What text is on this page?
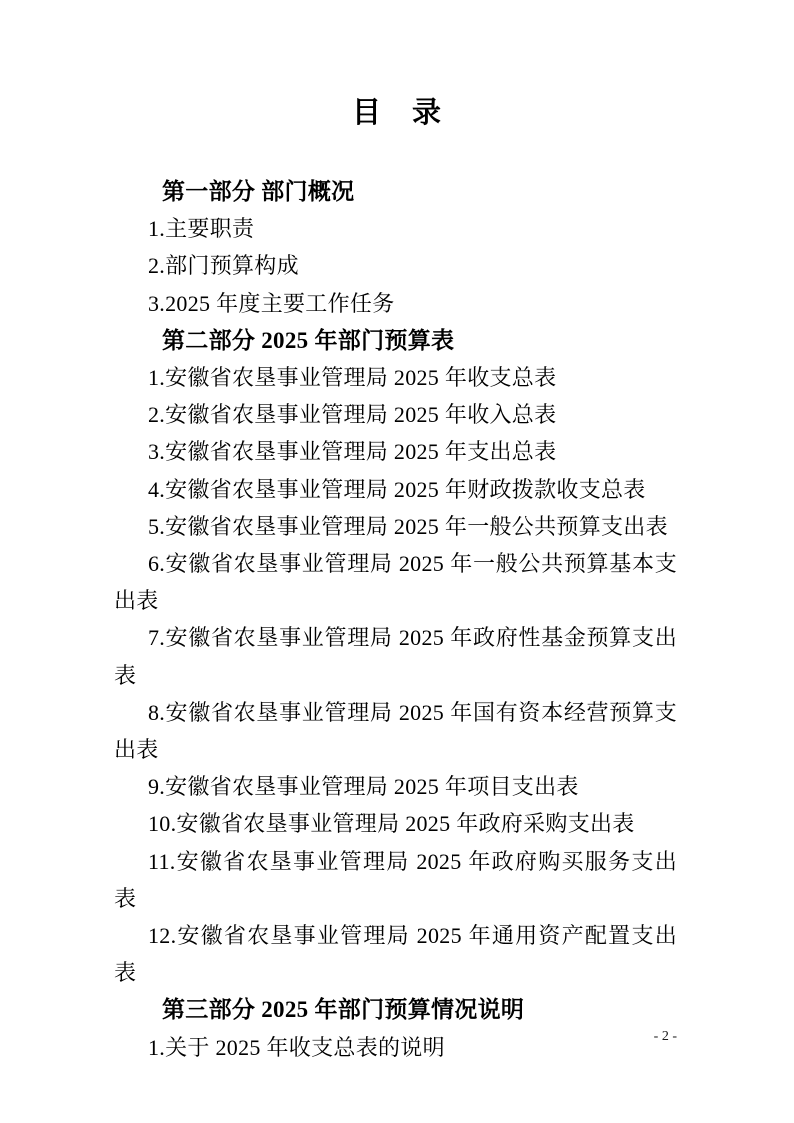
目　录

第一部分 部门概况

1.主要职责

2.部门预算构成

3.2025 年度主要工作任务

第二部分 2025 年部门预算表

1.安徽省农垦事业管理局 2025 年收支总表

2.安徽省农垦事业管理局 2025 年收入总表

3.安徽省农垦事业管理局 2025 年支出总表

4.安徽省农垦事业管理局 2025 年财政拨款收支总表

5.安徽省农垦事业管理局 2025 年一般公共预算支出表

6.安徽省农垦事业管理局 2025 年一般公共预算基本支出表

7.安徽省农垦事业管理局 2025 年政府性基金预算支出表

8.安徽省农垦事业管理局 2025 年国有资本经营预算支出表

9.安徽省农垦事业管理局 2025 年项目支出表

10.安徽省农垦事业管理局 2025 年政府采购支出表

11.安徽省农垦事业管理局 2025 年政府购买服务支出表

12.安徽省农垦事业管理局 2025 年通用资产配置支出表

第三部分 2025 年部门预算情况说明

1.关于 2025 年收支总表的说明	- 2 -
